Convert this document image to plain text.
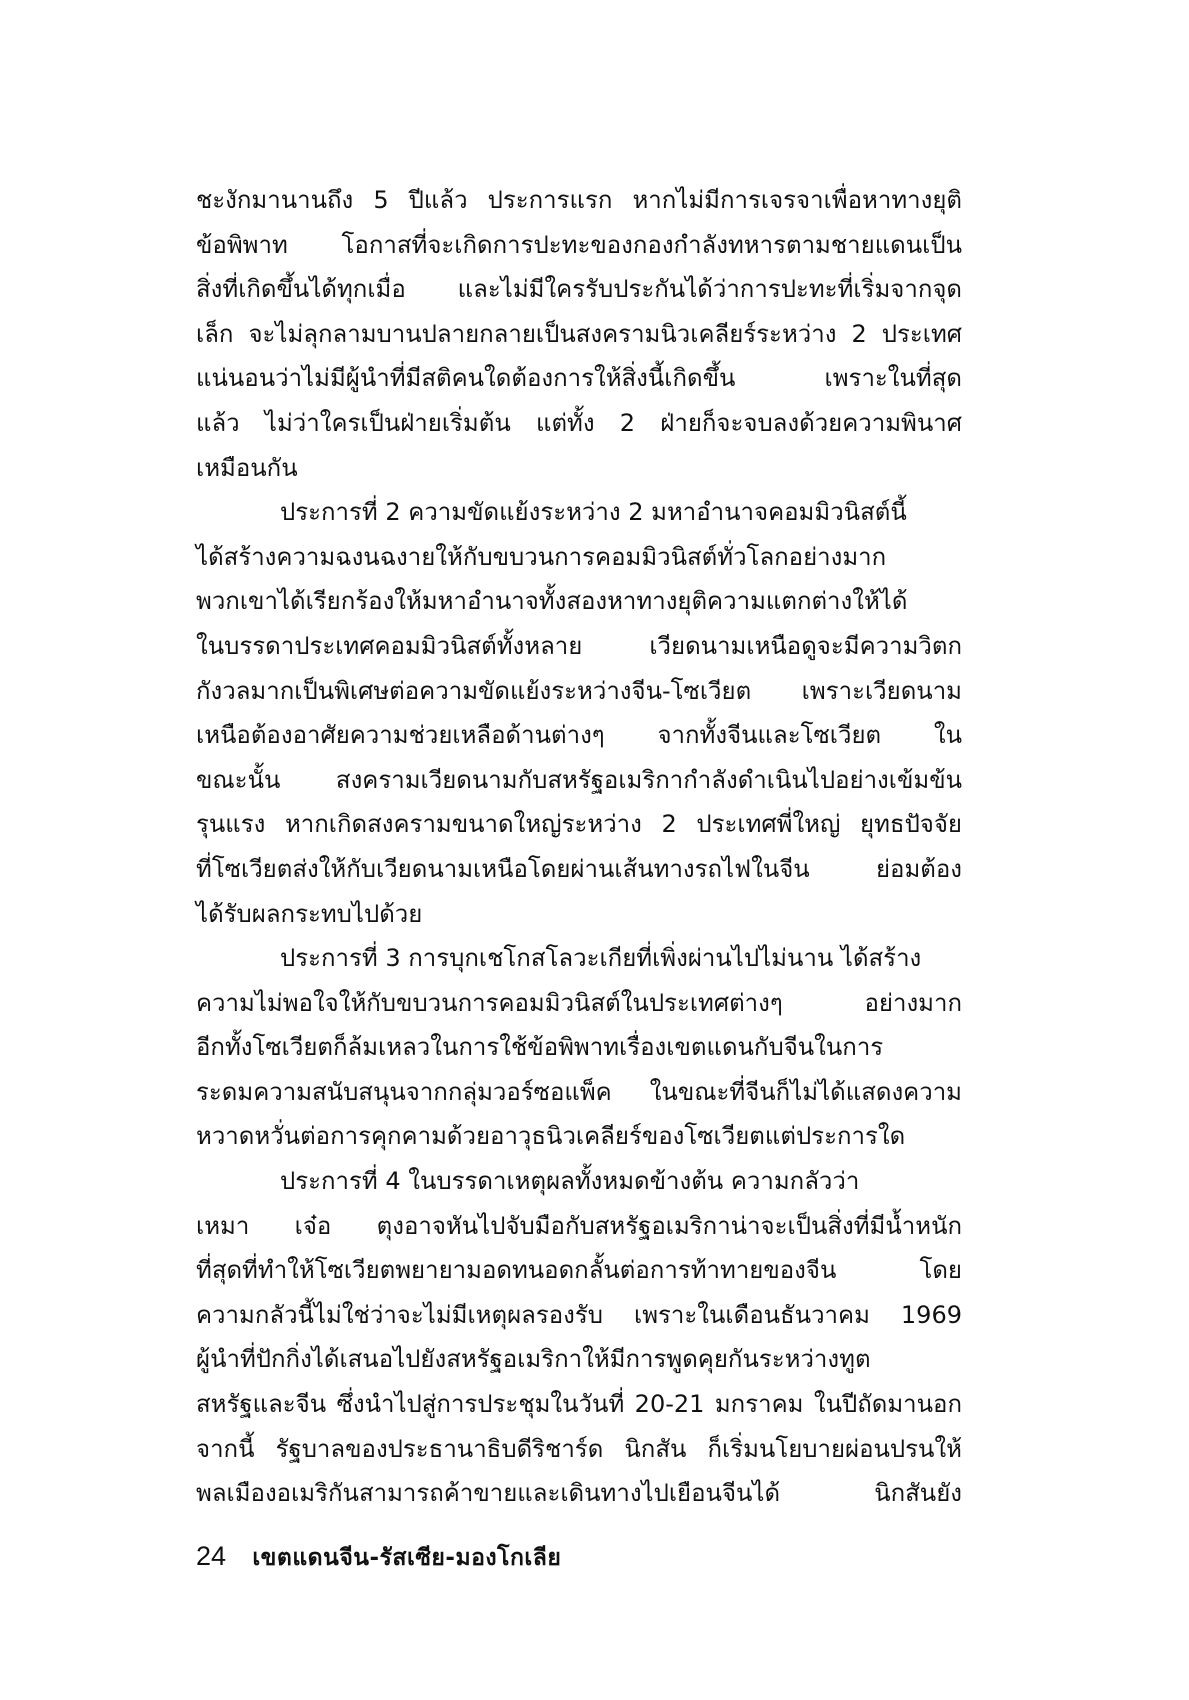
ชะงักมานานถึง 5 ปีแล้ว ประการแรก หากไม่มีการเจรจาเพื่อหาทางยุติ
ข้อพิพาท โอกาสที่จะเกิดการปะทะของกองกำลังทหารตามชายแดนเป็น
สิ่งที่เกิดขึ้นได้ทุกเมื่อ และไม่มีใครรับประกันได้ว่าการปะทะที่เริ่มจากจุด
เล็ก จะไม่ลุกลามบานปลายกลายเป็นสงครามนิวเคลียร์ระหว่าง 2 ประเทศ
แน่นอนว่าไม่มีผู้นำที่มีสติคนใดต้องการให้สิ่งนี้เกิดขึ้น เพราะในที่สุด
แล้ว ไม่ว่าใครเป็นฝ่ายเริ่มต้น แต่ทั้ง 2 ฝ่ายก็จะจบลงด้วยความพินาศ
เหมือนกัน
ประการที่ 2 ความขัดแย้งระหว่าง 2 มหาอำนาจคอมมิวนิสต์นี้
ได้สร้างความฉงนฉงายให้กับขบวนการคอมมิวนิสต์ทั่วโลกอย่างมาก
พวกเขาได้เรียกร้องให้มหาอำนาจทั้งสองหาทางยุติความแตกต่างให้ได้
ในบรรดาประเทศคอมมิวนิสต์ทั้งหลาย เวียดนามเหนือดูจะมีความวิตก
กังวลมากเป็นพิเศษต่อความขัดแย้งระหว่างจีน-โซเวียต เพราะเวียดนาม
เหนือต้องอาศัยความช่วยเหลือด้านต่างๆ จากทั้งจีนและโซเวียต ใน
ขณะนั้น สงครามเวียดนามกับสหรัฐอเมริกากำลังดำเนินไปอย่างเข้มข้น
รุนแรง หากเกิดสงครามขนาดใหญ่ระหว่าง 2 ประเทศพี่ใหญ่ ยุทธปัจจัย
ที่โซเวียตส่งให้กับเวียดนามเหนือโดยผ่านเส้นทางรถไฟในจีน ย่อมต้อง
ได้รับผลกระทบไปด้วย
ประการที่ 3 การบุกเชโกสโลวะเกียที่เพิ่งผ่านไปไม่นาน ได้สร้าง
ความไม่พอใจให้กับขบวนการคอมมิวนิสต์ในประเทศต่างๆ อย่างมาก
อีกทั้งโซเวียตก็ล้มเหลวในการใช้ข้อพิพาทเรื่องเขตแดนกับจีนในการ
ระดมความสนับสนุนจากกลุ่มวอร์ซอแพ็ค ในขณะที่จีนก็ไม่ได้แสดงความ
หวาดหวั่นต่อการคุกคามด้วยอาวุธนิวเคลียร์ของโซเวียตแต่ประการใด
ประการที่ 4 ในบรรดาเหตุผลทั้งหมดข้างต้น ความกลัวว่า
เหมา เจ๋อ ตุงอาจหันไปจับมือกับสหรัฐอเมริกาน่าจะเป็นสิ่งที่มีน้ำหนัก
ที่สุดที่ทำให้โซเวียตพยายามอดทนอดกลั้นต่อการท้าทายของจีน โดย
ความกลัวนี้ไม่ใช่ว่าจะไม่มีเหตุผลรองรับ เพราะในเดือนธันวาคม 1969
ผู้นำที่ปักกิ่งได้เสนอไปยังสหรัฐอเมริกาให้มีการพูดคุยกันระหว่างทูต
สหรัฐและจีน ซึ่งนำไปสู่การประชุมในวันที่ 20-21 มกราคม ในปีถัดมานอก
จากนี้ รัฐบาลของประธานาธิบดีริชาร์ด นิกสัน ก็เริ่มนโยบายผ่อนปรนให้
พลเมืองอเมริกันสามารถค้าขายและเดินทางไปเยือนจีนได้ นิกสันยัง
24 เขตแดนจีน-รัสเซีย-มองโกเลีย
